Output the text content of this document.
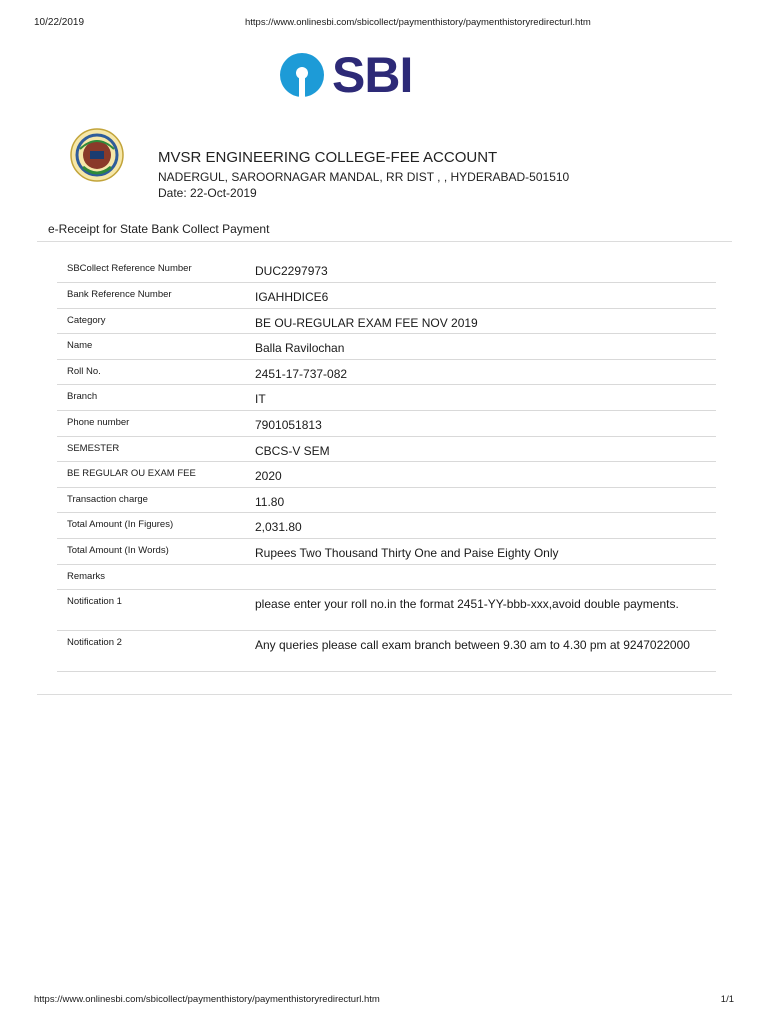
10/22/2019	https://www.onlinesbi.com/sbicollect/paymenthistory/paymenthistoryredirecturl.htm
SBI
MVSR ENGINEERING COLLEGE-FEE ACCOUNT
NADERGUL, SAROORNAGAR MANDAL, RR DIST , , HYDERABAD-501510
Date: 22-Oct-2019
e-Receipt for State Bank Collect Payment
SBCollect Reference Number	DUC2297973
Bank Reference Number	IGAHHDICE6
Category	BE OU-REGULAR EXAM FEE NOV 2019
Name	Balla Ravilochan
Roll No.	2451-17-737-082
Branch	IT
Phone number	7901051813
SEMESTER	CBCS-V SEM
BE REGULAR OU EXAM FEE	2020
Transaction charge	11.80
Total Amount (In Figures)	2,031.80
Total Amount (In Words)	Rupees Two Thousand Thirty One and Paise Eighty Only
Remarks	
Notification 1	please enter your roll no.in the format 2451-YY-bbb-xxx,avoid double payments.
Notification 2	Any queries please call exam branch between 9.30 am to 4.30 pm at 9247022000
https://www.onlinesbi.com/sbicollect/paymenthistory/paymenthistoryredirecturl.htm	1/1
